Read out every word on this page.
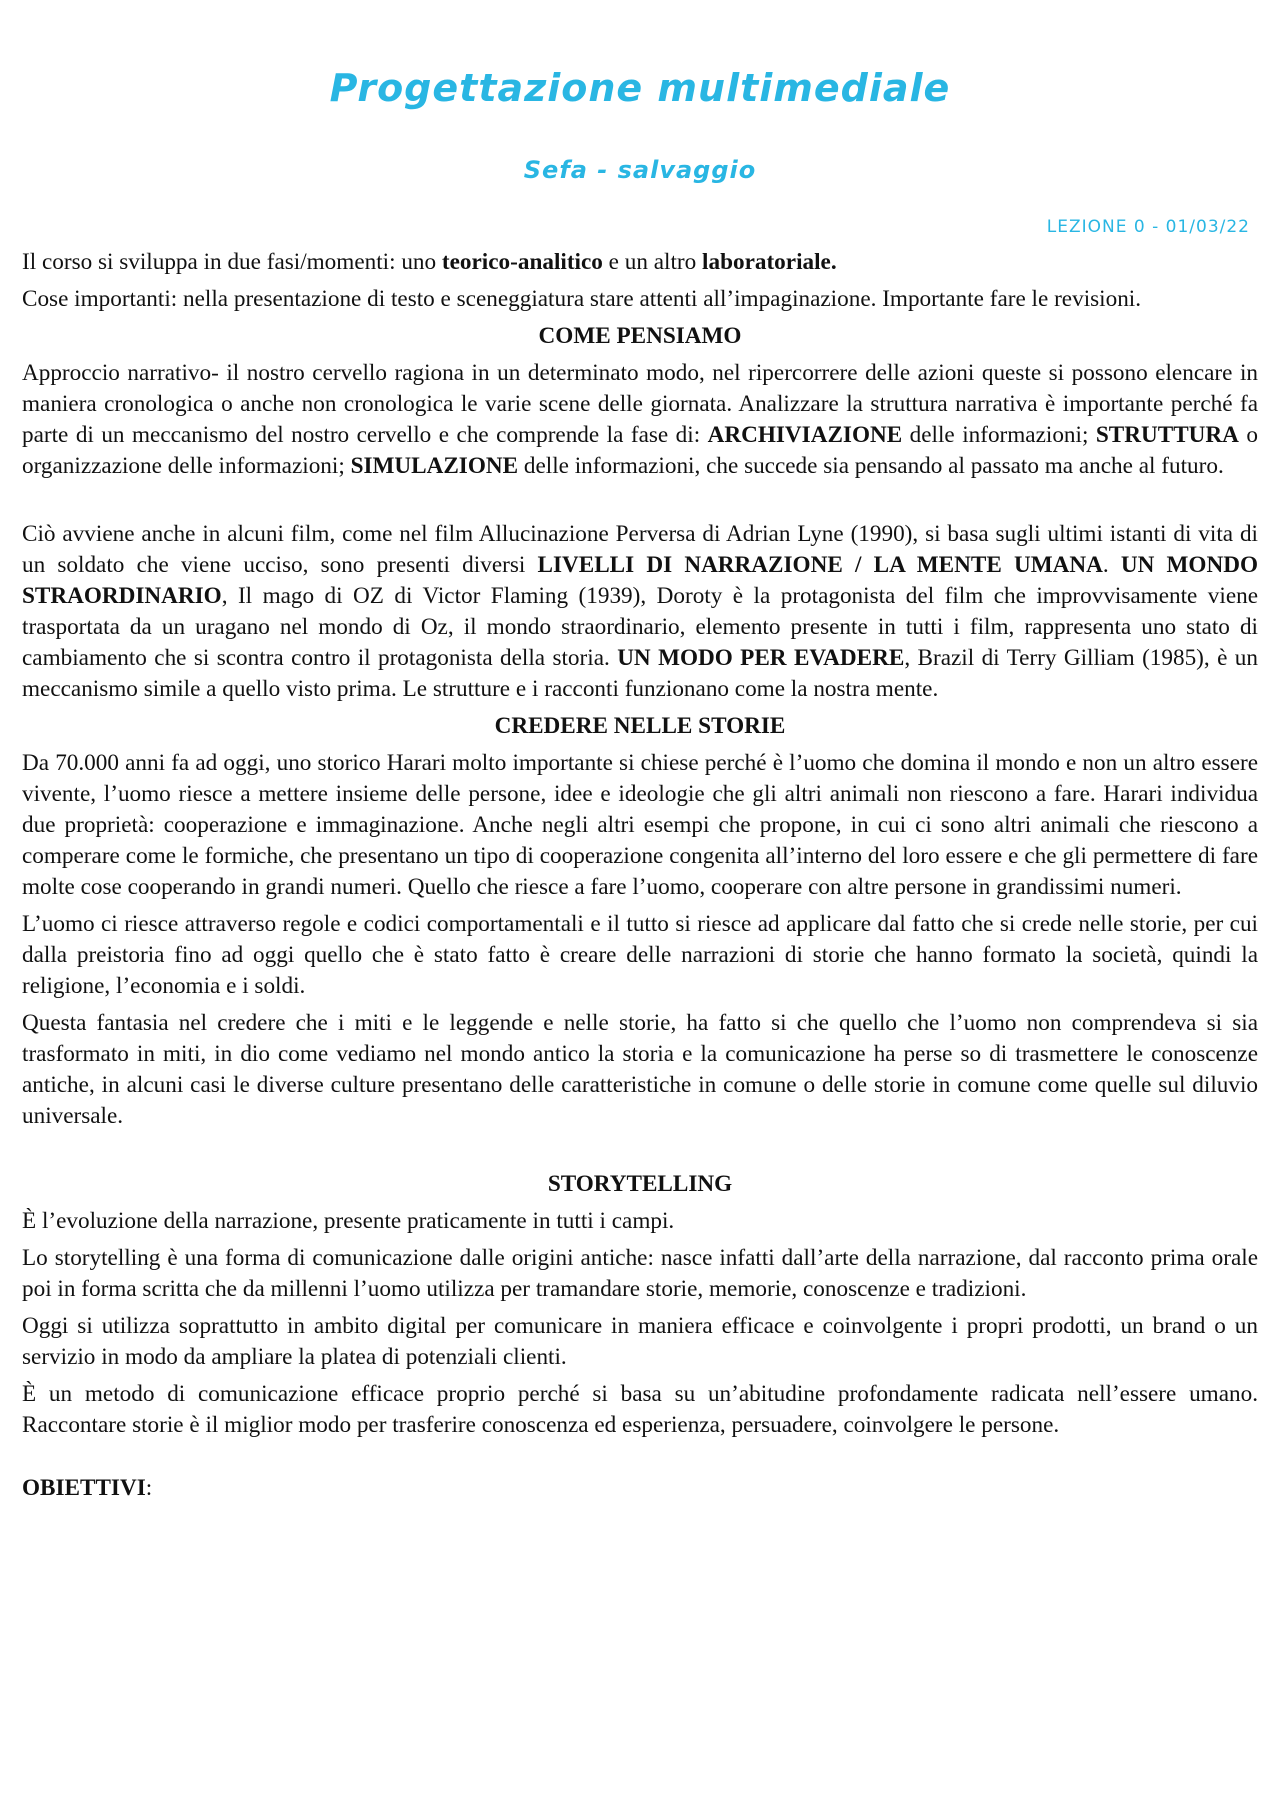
Progettazione multimediale
Sefa - salvaggio
LEZIONE 0 - 01/03/22

Il corso si sviluppa in due fasi/momenti: uno teorico-analitico e un altro laboratoriale.

Cose importanti: nella presentazione di testo e sceneggiatura stare attenti all’impaginazione. Importante fare le revisioni.

COME PENSIAMO

Approccio narrativo- il nostro cervello ragiona in un determinato modo, nel ripercorrere delle azioni queste si possono elencare in maniera cronologica o anche non cronologica le varie scene delle giornata. Analizzare la struttura narrativa è importante perché fa parte di un meccanismo del nostro cervello e che comprende la fase di: ARCHIVIAZIONE delle informazioni; STRUTTURA o organizzazione delle informazioni; SIMULAZIONE delle informazioni, che succede sia pensando al passato ma anche al futuro.

Ciò avviene anche in alcuni film, come nel film Allucinazione Perversa di Adrian Lyne (1990), si basa sugli ultimi istanti di vita di un soldato che viene ucciso, sono presenti diversi LIVELLI DI NARRAZIONE / LA MENTE UMANA. UN MONDO STRAORDINARIO, Il mago di OZ di Victor Flaming (1939), Doroty è la protagonista del film che improvvisamente viene trasportata da un uragano nel mondo di Oz, il mondo straordinario, elemento presente in tutti i film, rappresenta uno stato di cambiamento che si scontra contro il protagonista della storia. UN MODO PER EVADERE, Brazil di Terry Gilliam (1985), è un meccanismo simile a quello visto prima. Le strutture e i racconti funzionano come la nostra mente.

CREDERE NELLE STORIE

Da 70.000 anni fa ad oggi, uno storico Harari molto importante si chiese perché è l’uomo che domina il mondo e non un altro essere vivente, l’uomo riesce a mettere insieme delle persone, idee e ideologie che gli altri animali non riescono a fare. Harari individua due proprietà: cooperazione e immaginazione. Anche negli altri esempi che propone, in cui ci sono altri animali che riescono a comperare come le formiche, che presentano un tipo di cooperazione congenita all’interno del loro essere e che gli permettere di fare molte cose cooperando in grandi numeri. Quello che riesce a fare l’uomo, cooperare con altre persone in grandissimi numeri.

L’uomo ci riesce attraverso regole e codici comportamentali e il tutto si riesce ad applicare dal fatto che si crede nelle storie, per cui dalla preistoria fino ad oggi quello che è stato fatto è creare delle narrazioni di storie che hanno formato la società, quindi la religione, l’economia e i soldi.

Questa fantasia nel credere che i miti e le leggende e nelle storie, ha fatto si che quello che l’uomo non comprendeva si sia trasformato in miti, in dio come vediamo nel mondo antico la storia e la comunicazione ha perse so di trasmettere le conoscenze antiche, in alcuni casi le diverse culture presentano delle caratteristiche in comune o delle storie in comune come quelle sul diluvio universale.

STORYTELLING

È l’evoluzione della narrazione, presente praticamente in tutti i campi.

Lo storytelling è una forma di comunicazione dalle origini antiche: nasce infatti dall’arte della narrazione, dal racconto prima orale poi in forma scritta che da millenni l’uomo utilizza per tramandare storie, memorie, conoscenze e tradizioni.

Oggi si utilizza soprattutto in ambito digital per comunicare in maniera efficace e coinvolgente i propri prodotti, un brand o un servizio in modo da ampliare la platea di potenziali clienti.

È un metodo di comunicazione efficace proprio perché si basa su un’abitudine profondamente radicata nell’essere umano. Raccontare storie è il miglior modo per trasferire conoscenza ed esperienza, persuadere, coinvolgere le persone.

OBIETTIVI:
